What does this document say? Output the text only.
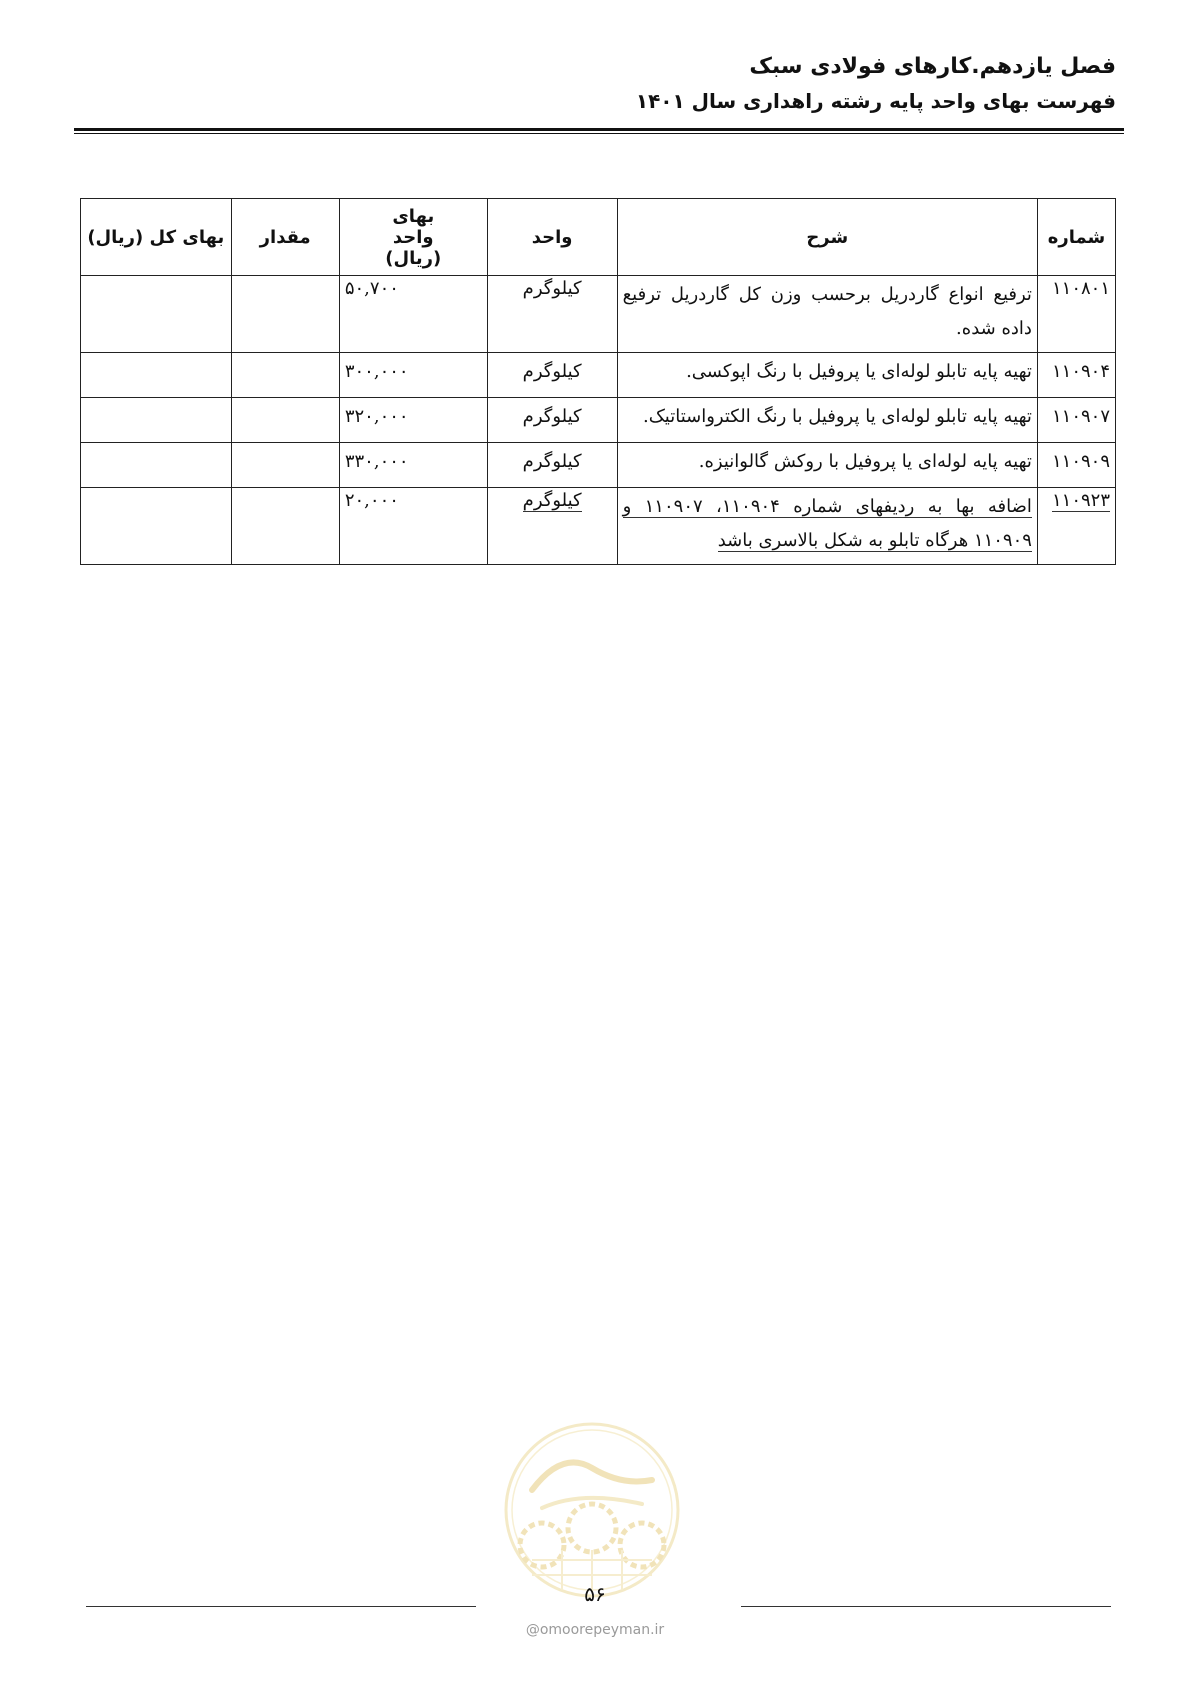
فصل یازدهم.کارهای فولادی سبک
فهرست بهای واحد پایه رشته راهداری سال ۱۴۰۱
شماره	شرح	واحد	بهای واحد (ریال)	مقدار	بهای کل (ریال)
۱۱۰۸۰۱	ترفیع انواع گاردریل برحسب وزن کل گاردریل ترفیع داده شده.	کیلوگرم	۵۰,۷۰۰		
۱۱۰۹۰۴	تهیه پایه تابلو لوله‌ای یا پروفیل با رنگ اپوکسی.	کیلوگرم	۳۰۰,۰۰۰		
۱۱۰۹۰۷	تهیه پایه تابلو لوله‌ای یا پروفیل با رنگ الکترواستاتیک.	کیلوگرم	۳۲۰,۰۰۰		
۱۱۰۹۰۹	تهیه پایه لوله‌ای یا پروفیل با روکش گالوانیزه.	کیلوگرم	۳۳۰,۰۰۰		
۱۱۰۹۲۳	اضافه بها به ردیفهای شماره ۱۱۰۹۰۴، ۱۱۰۹۰۷ و ۱۱۰۹۰۹ هرگاه تابلو به شکل بالاسری باشد	کیلوگرم	۲۰,۰۰۰		
۵۶
@omoorepeyman.ir
